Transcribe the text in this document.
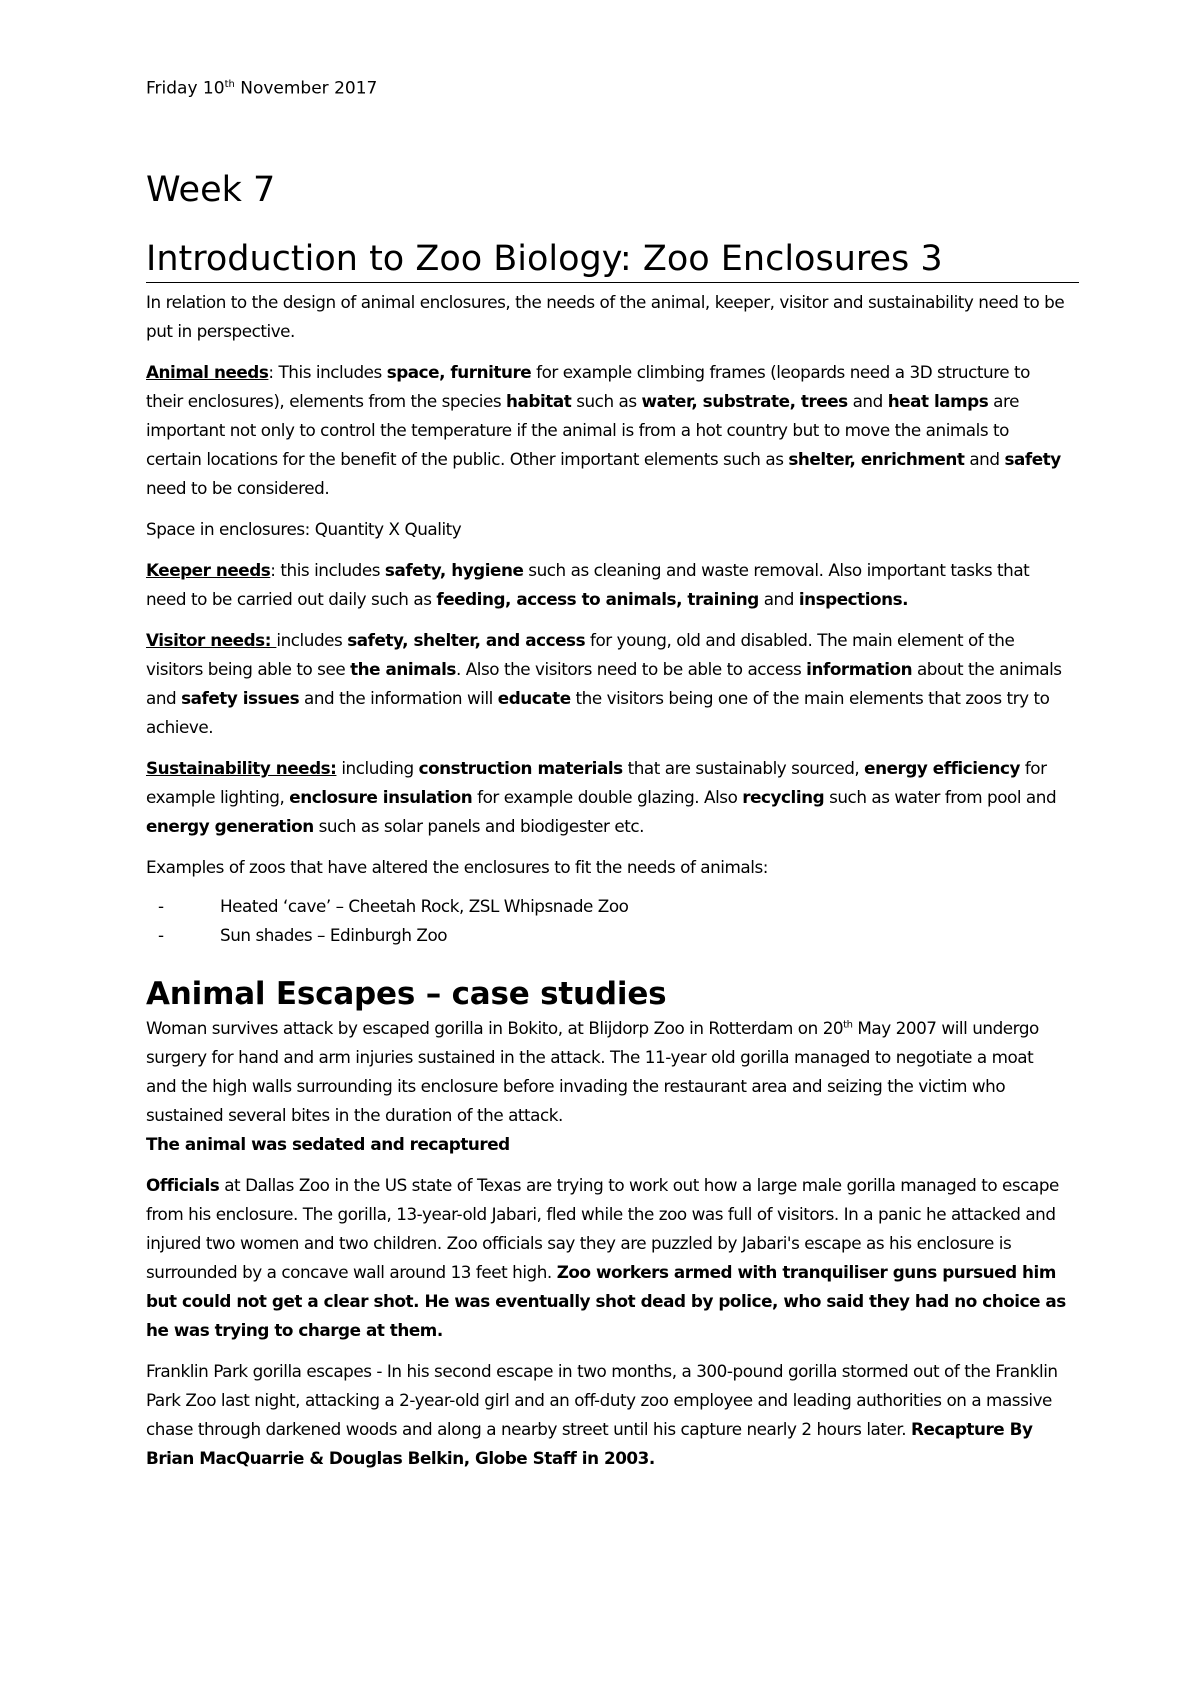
Friday 10th November 2017
Week 7
Introduction to Zoo Biology: Zoo Enclosures 3

In relation to the design of animal enclosures, the needs of the animal, keeper, visitor and sustainability need to be put in perspective.

Animal needs: This includes space, furniture for example climbing frames (leopards need a 3D structure to their enclosures), elements from the species habitat such as water, substrate, trees and heat lamps are important not only to control the temperature if the animal is from a hot country but to move the animals to certain locations for the benefit of the public. Other important elements such as shelter, enrichment and safety need to be considered.

Space in enclosures: Quantity X Quality

Keeper needs: this includes safety, hygiene such as cleaning and waste removal. Also important tasks that need to be carried out daily such as feeding, access to animals, training and inspections.

Visitor needs: includes safety, shelter, and access for young, old and disabled. The main element of the visitors being able to see the animals. Also the visitors need to be able to access information about the animals and safety issues and the information will educate the visitors being one of the main elements that zoos try to achieve.

Sustainability needs: including construction materials that are sustainably sourced, energy efficiency for example lighting, enclosure insulation for example double glazing. Also recycling such as water from pool and energy generation such as solar panels and biodigester etc.

Examples of zoos that have altered the enclosures to fit the needs of animals:

-	Heated ‘cave’ – Cheetah Rock, ZSL Whipsnade Zoo
-	Sun shades – Edinburgh Zoo
Animal Escapes – case studies

Woman survives attack by escaped gorilla in Bokito, at Blijdorp Zoo in Rotterdam on 20th May 2007 will undergo surgery for hand and arm injuries sustained in the attack. The 11-year old gorilla managed to negotiate a moat and the high walls surrounding its enclosure before invading the restaurant area and seizing the victim who sustained several bites in the duration of the attack.
The animal was sedated and recaptured

Officials at Dallas Zoo in the US state of Texas are trying to work out how a large male gorilla managed to escape from his enclosure. The gorilla, 13-year-old Jabari, fled while the zoo was full of visitors. In a panic he attacked and injured two women and two children. Zoo officials say they are puzzled by Jabari's escape as his enclosure is surrounded by a concave wall around 13 feet high. Zoo workers armed with tranquiliser guns pursued him but could not get a clear shot. He was eventually shot dead by police, who said they had no choice as he was trying to charge at them.

Franklin Park gorilla escapes - In his second escape in two months, a 300-pound gorilla stormed out of the Franklin Park Zoo last night, attacking a 2-year-old girl and an off-duty zoo employee and leading authorities on a massive chase through darkened woods and along a nearby street until his capture nearly 2 hours later. Recapture By Brian MacQuarrie & Douglas Belkin, Globe Staff in 2003.
